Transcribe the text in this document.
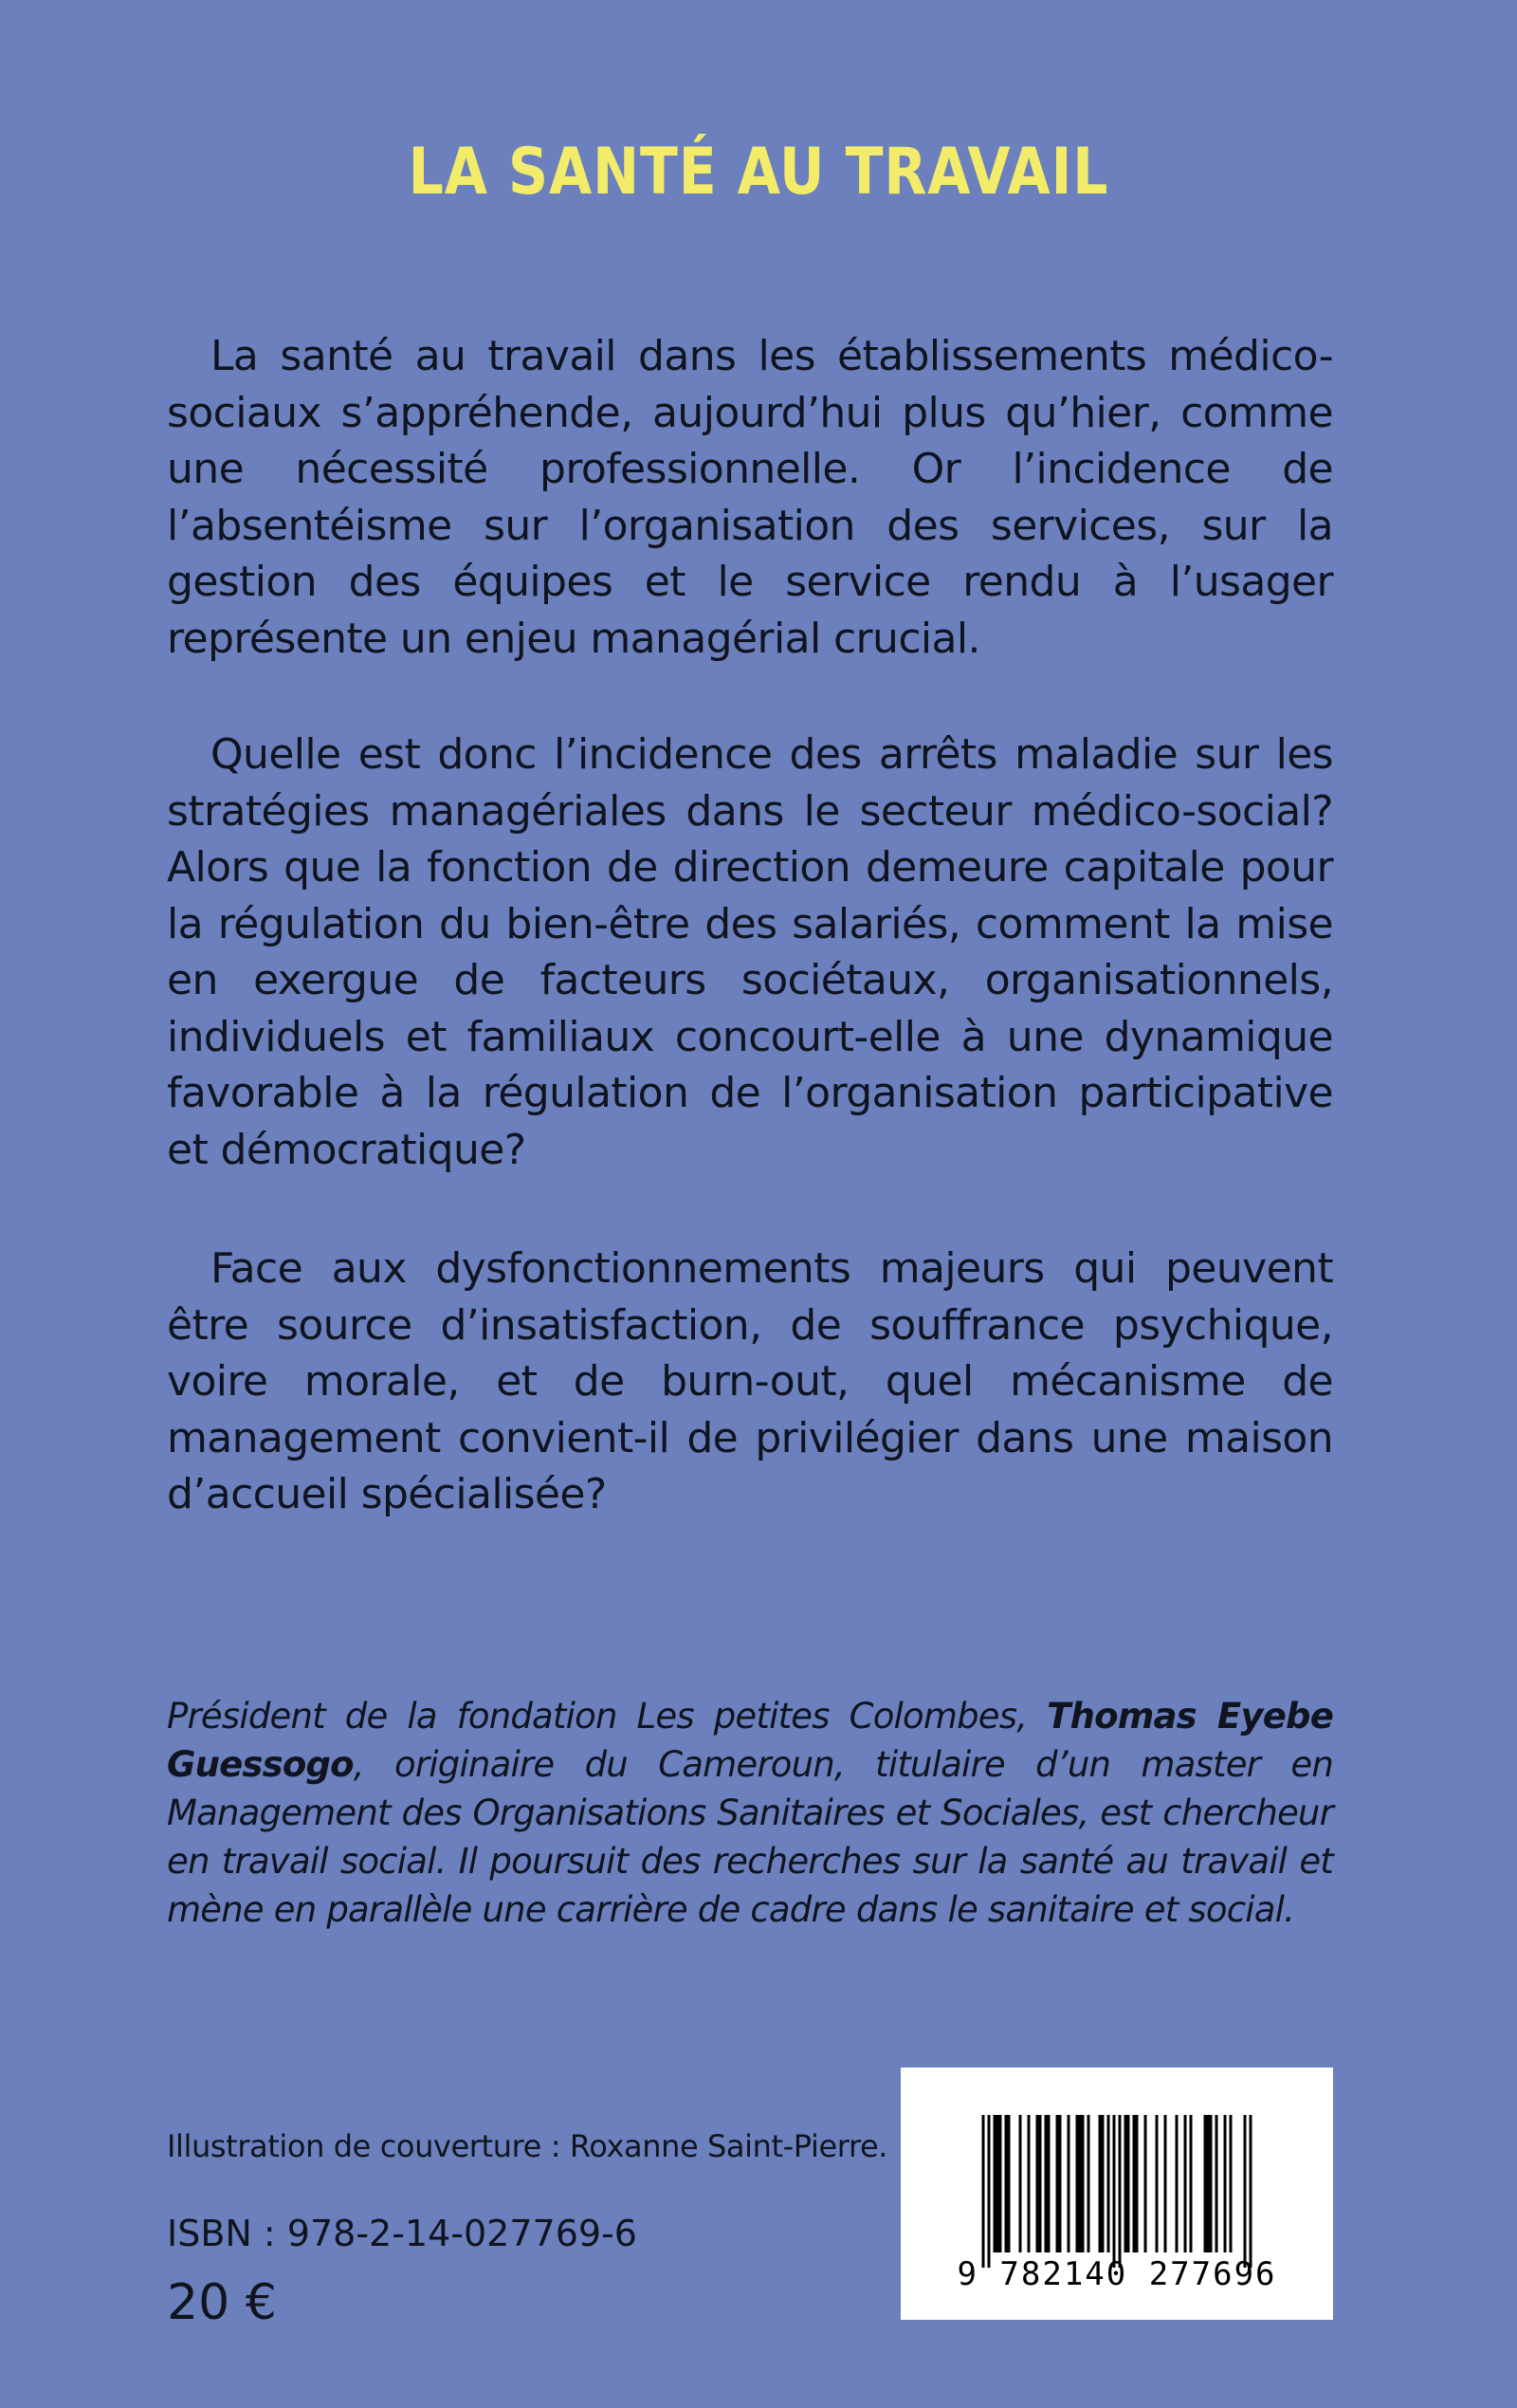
LA SANTÉ AU TRAVAIL

La santé au travail dans les établissements médico-sociaux s’appréhende, aujourd’hui plus qu’hier, comme une nécessité professionnelle. Or l’incidence de l’absentéisme sur l’organisation des services, sur la gestion des équipes et le service rendu à l’usager représente un enjeu managérial crucial.

Quelle est donc l’incidence des arrêts maladie sur les stratégies managériales dans le secteur médico-social? Alors que la fonction de direction demeure capitale pour la régulation du bien-être des salariés, comment la mise en exergue de facteurs sociétaux, organisationnels, individuels et familiaux concourt-elle à une dynamique favorable à la régulation de l’organisation participative et démocratique?

Face aux dysfonctionnements majeurs qui peuvent être source d’insatisfaction, de souffrance psychique, voire morale, et de burn-out, quel mécanisme de management convient-il de privilégier dans une maison d’accueil spécialisée?

Président de la fondation Les petites Colombes, Thomas Eyebe Guessogo, originaire du Cameroun, titulaire d’un master en Management des Organisations Sanitaires et Sociales, est chercheur en travail social. Il poursuit des recherches sur la santé au travail et mène en parallèle une carrière de cadre dans le sanitaire et social.
Illustration de couverture : Roxanne Saint-Pierre.
ISBN : 978-2-14-027769-6
20 €	9 782140 277696
